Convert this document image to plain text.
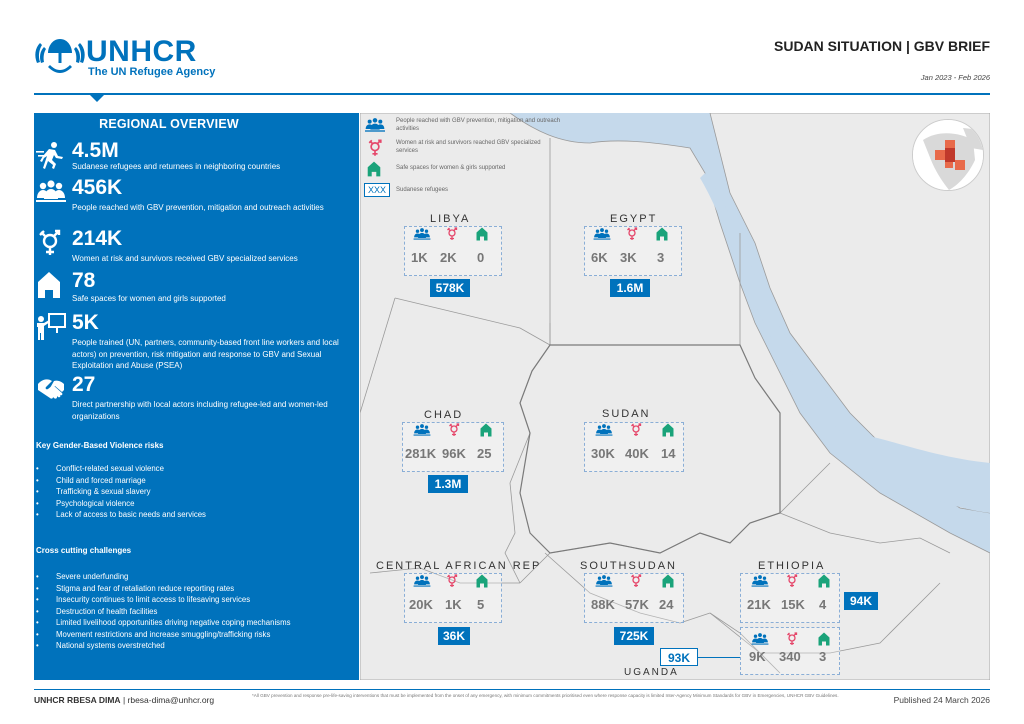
UNHCR
The UN Refugee Agency
SUDAN SITUATION | GBV BRIEF
Jan 2023 - Feb 2026
REGIONAL OVERVIEW
4.5M
Sudanese refugees and returnees in neighboring countries
456K
People reached with GBV prevention, mitigation and outreach activities
214K
Women at risk and survivors received GBV specialized services
78
Safe spaces for women and girls supported
5K
People trained (UN, partners, community-based front line workers and local actors) on prevention, risk mitigation and response to GBV and Sexual Exploitation and Abuse (PSEA)
27
Direct partnership with local actors including refugee-led and women-led organizations
Key Gender-Based Violence risks
• Conflict-related sexual violence
• Child and forced marriage
• Trafficking & sexual slavery
• Psychological violence
• Lack of access to basic needs and services
Cross cutting challenges
• Severe underfunding
• Stigma and fear of retaliation reduce reporting rates
• Insecurity continues to limit access to lifesaving services
• Destruction of health facilities
• Limited livelihood opportunities driving negative coping mechanisms
• Movement restrictions and increase smuggling/trafficking risks
• National systems overstretched
People reached with GBV prevention, mitigation and outreach activities
Women at risk and survivors reached GBV specialized services
Safe spaces for women & girls supported
XXX	Sudanese refugees
LIBYA
1K 2K 0
578K
EGYPT
6K 3K 3
1.6M
CHAD
281K 96K 25
1.3M
SUDAN
30K 40K 14
CENTRAL AFRICAN REP
20K 1K 5
36K
SOUTHSUDAN
88K 57K 24
725K
ETHIOPIA
21K 15K 4	94K
9K 340 3
93K
UGANDA
UNHCR RBESA DIMA | rbesa-dima@unhcr.org	*All GBV prevention and response pre-life-saving interventions that must be implemented from the onset of any emergency, with minimum commitments prioritised even where response capacity is limited Inter-Agency Minimum Standards for GBV in Emergencies, UNHCR GBV Guidelines.	Published 24 March 2026
